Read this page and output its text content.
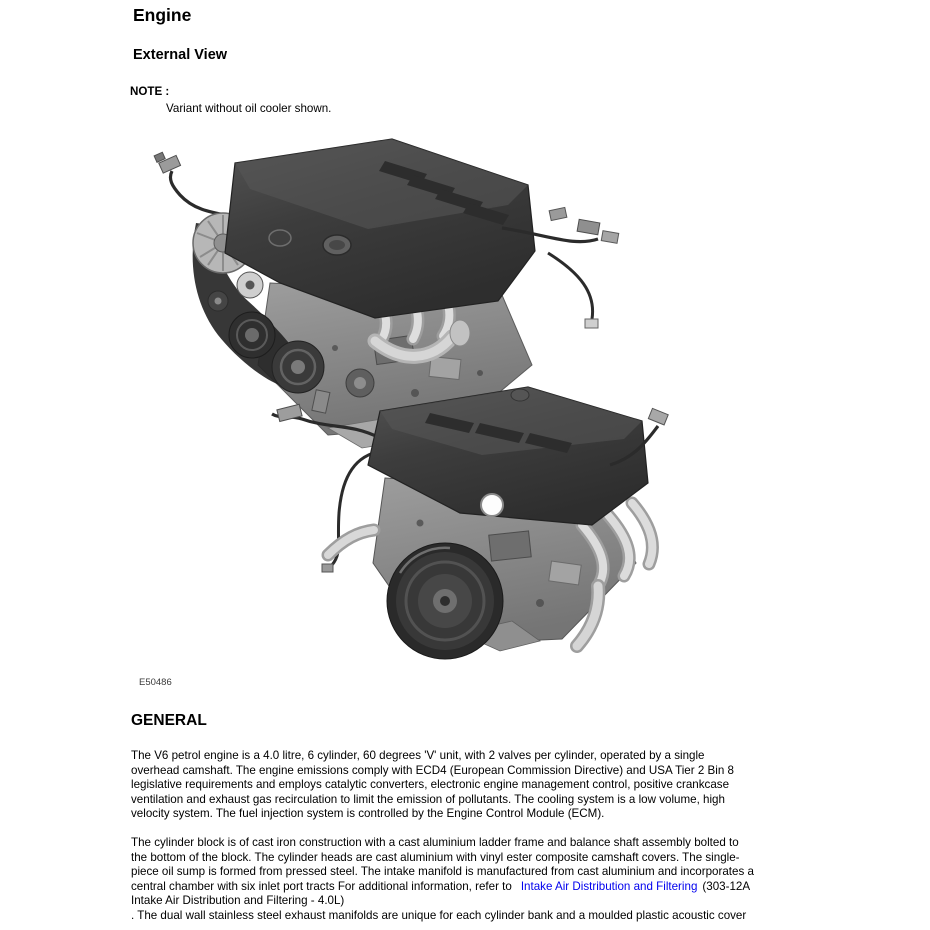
Engine
External View
NOTE :
Variant without oil cooler shown.
E50486
GENERAL
The V6 petrol engine is a 4.0 litre, 6 cylinder, 60 degrees 'V' unit, with 2 valves per cylinder, operated by a single
overhead camshaft. The engine emissions comply with ECD4 (European Commission Directive) and USA Tier 2 Bin 8
legislative requirements and employs catalytic converters, electronic engine management control, positive crankcase
ventilation and exhaust gas recirculation to limit the emission of pollutants. The cooling system is a low volume, high
velocity system. The fuel injection system is controlled by the Engine Control Module (ECM).
The cylinder block is of cast iron construction with a cast aluminium ladder frame and balance shaft assembly bolted to
the bottom of the block. The cylinder heads are cast aluminium with vinyl ester composite camshaft covers. The single-
piece oil sump is formed from pressed steel. The intake manifold is manufactured from cast aluminium and incorporates a
central chamber with six inlet port tracts For additional information, refer to Intake Air Distribution and Filtering (303-12A
Intake Air Distribution and Filtering - 4.0L)
. The dual wall stainless steel exhaust manifolds are unique for each cylinder bank and a moulded plastic acoustic cover
